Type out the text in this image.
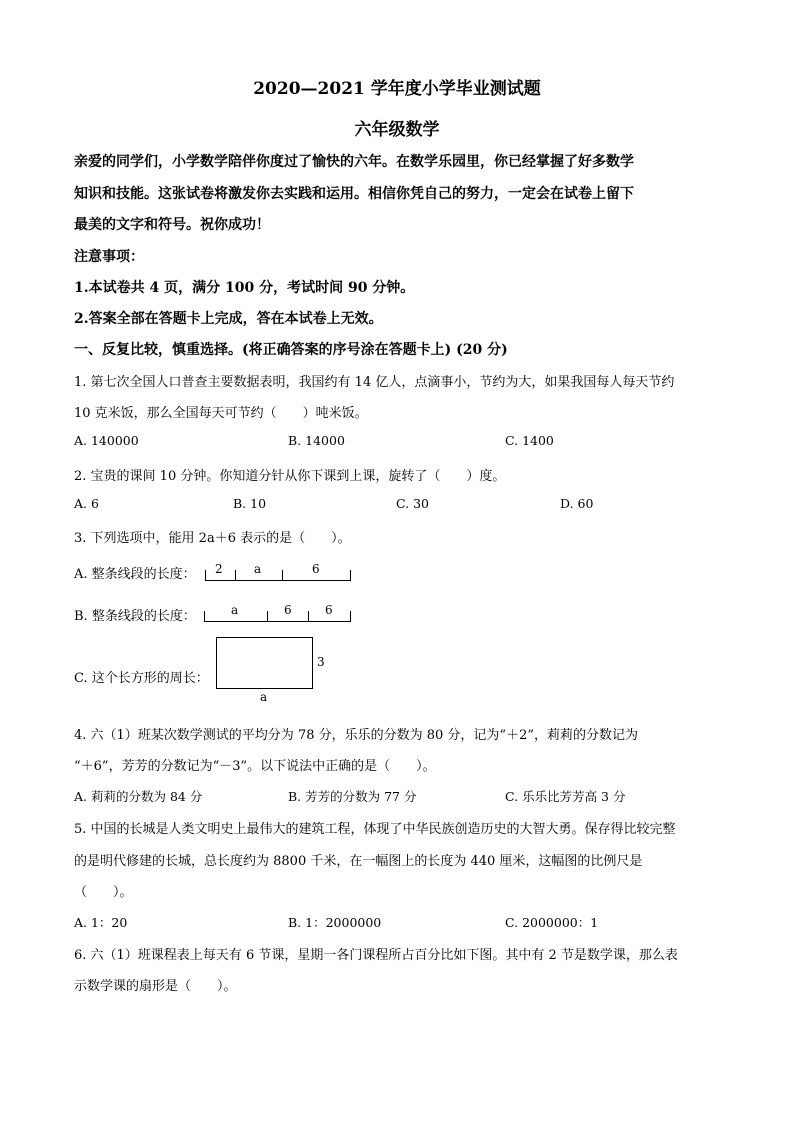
2020—2021 学年度小学毕业测试题
六年级数学
亲爱的同学们，小学数学陪伴你度过了愉快的六年。在数学乐园里，你已经掌握了好多数学
知识和技能。这张试卷将激发你去实践和运用。相信你凭自己的努力，一定会在试卷上留下
最美的文字和符号。祝你成功！
注意事项：
1.本试卷共 4 页，满分 100 分，考试时间 90 分钟。
2.答案全部在答题卡上完成，答在本试卷上无效。
一、反复比较，慎重选择。(将正确答案的序号涂在答题卡上) (20 分)
1. 第七次全国人口普查主要数据表明，我国约有 14 亿人，点滴事小，节约为大，如果我国每人每天节约
10 克米饭，那么全国每天可节约（　　）吨米饭。
A. 140000	B. 14000	C. 1400
2. 宝贵的课间 10 分钟。你知道分针从你下课到上课，旋转了（　　）度。
A. 6	B. 10	C. 30	D. 60
3. 下列选项中，能用 2a＋6 表示的是（　　）。
A. 整条线段的长度： 2	a	6
B. 整条线段的长度：	a	6	6
C. 这个长方形的周长：
3
a
4. 六（1）班某次数学测试的平均分为 78 分，乐乐的分数为 80 分，记为“＋2”，莉莉的分数记为
“＋6”，芳芳的分数记为“－3”。以下说法中正确的是（　　）。
A. 莉莉的分数为 84 分	B. 芳芳的分数为 77 分	C. 乐乐比芳芳高 3 分
5. 中国的长城是人类文明史上最伟大的建筑工程，体现了中华民族创造历史的大智大勇。保存得比较完整
的是明代修建的长城，总长度约为 8800 千米，在一幅图上的长度为 440 厘米，这幅图的比例尺是
（　　）。
A. 1：20	B. 1：2000000	C. 2000000：1
6. 六（1）班课程表上每天有 6 节课，星期一各门课程所占百分比如下图。其中有 2 节是数学课，那么表
示数学课的扇形是（　　）。
